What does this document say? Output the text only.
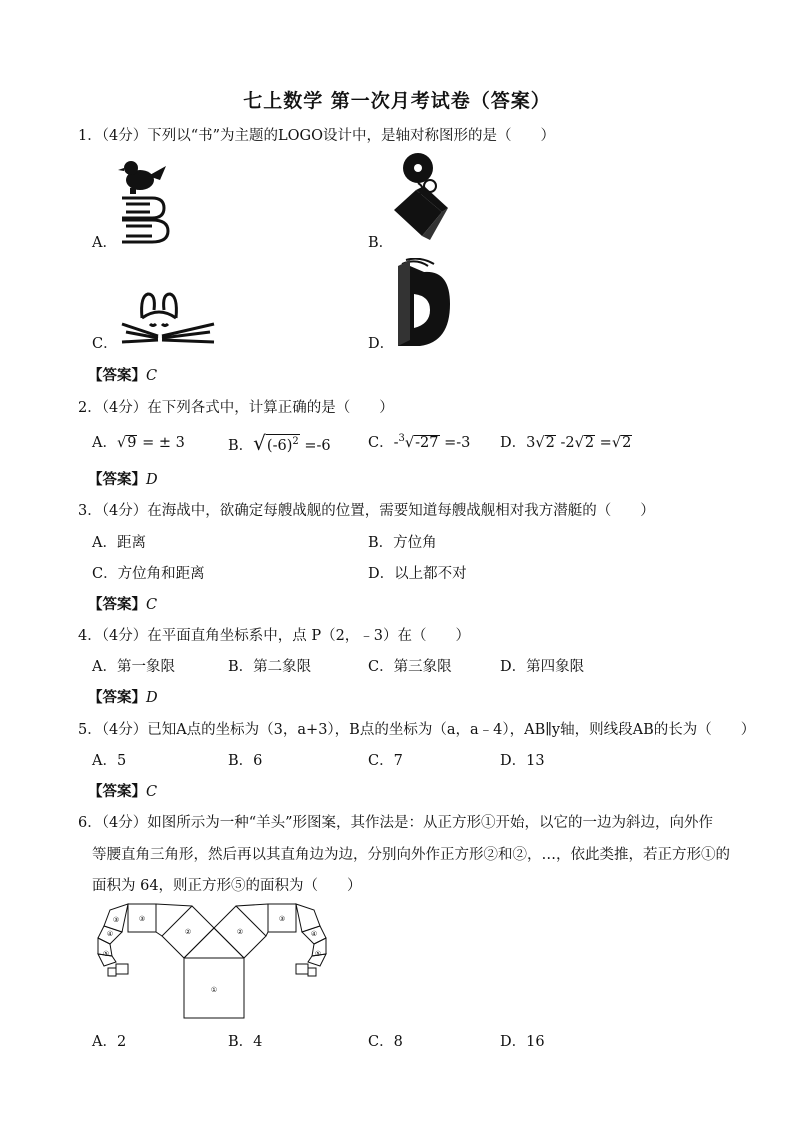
七上数学 第一次月考试卷（答案）
1．（4分）下列以“书”为主题的LOGO设计中，是轴对称图形的是（　　）
A．	B．
C．	D．
【答案】C
2．（4分）在下列各式中，计算正确的是（　　）
A．√9 = ± 3	B．$√(-6)^2 =-6$	C．-$^3$√-27 =-3 D．3√2 -2√2 =√2
【答案】D
3．（4分）在海战中，欲确定每艘战舰的位置，需要知道每艘战舰相对我方潜艇的（　　）
A．距离	B．方位角
C．方位角和距离	D．以上都不对
【答案】C
4．（4分）在平面直角坐标系中，点 P（2，﹣3）在（　　）
A．第一象限	B．第二象限	C．第三象限	D．第四象限
【答案】D
5．（4分）已知A点的坐标为（3，a+3），B点的坐标为（a，a﹣4），AB∥y轴，则线段AB的长为（　　）
A．5	B．6	C．7	D．13
【答案】C
6．（4分）如图所示为一种“羊头”形图案，其作法是：从正方形①开始，以它的一边为斜边，向外作
等腰直角三角形，然后再以其直角边为边，分别向外作正方形②和②，…，依此类推，若正方形①的
面积为 64，则正方形⑤的面积为（　　）
①
②	②
③	③
③
④	④
⑤	⑤
A．2	B．4	C．8	D．16
